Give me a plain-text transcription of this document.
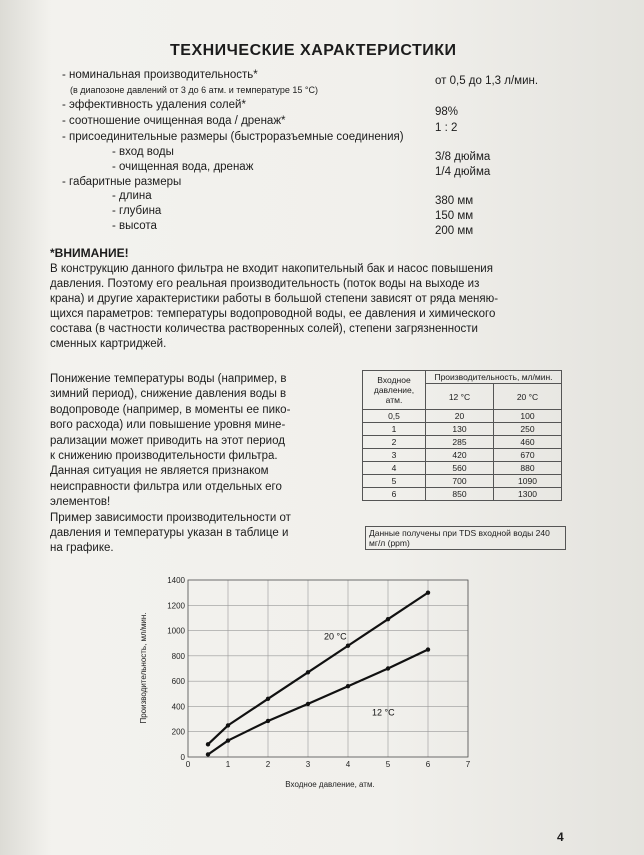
ТЕХНИЧЕСКИЕ ХАРАКТЕРИСТИКИ
- номинальная производительность*
(в диапозоне давлений от 3 до 6 атм. и температуре 15 °С)
от 0,5 до 1,3 л/мин.
- эффективность удаления солей*
98%
- соотношение очищенная вода / дренаж*
1 : 2
- присоединительные размеры (быстроразъемные соединения)
- вход воды	3/8 дюйма
- очищенная вода, дренаж	1/4 дюйма
- габаритные размеры
- длина	380 мм
- глубина	150 мм
- высота	200 мм
*ВНИМАНИЕ!
В конструкцию данного фильтра не входит накопительный бак и насос повышения
давления. Поэтому его реальная производительность (поток воды на выходе из
крана) и другие характеристики работы в большой степени зависят от ряда меняю-
щихся параметров: температуры водопроводной воды, ее давления и химического
состава (в частности количества растворенных солей), степени загрязненности
сменных картриджей.
Понижение температуры воды (например, в
зимний период), снижение давления воды в
водопроводе (например, в моменты ее пико-
вого расхода) или повышение уровня мине-
рализации может приводить на этот период
к снижению производительности фильтра.
Данная ситуация не является признаком
неисправности фильтра или отдельных его
элементов!
Пример зависимости производительности от
давления и температуры указан в таблице и
на графике.
Входное давление, атм.	Производительность, мл/мин.	
	12 °С	20 °С
0,5	20	100
1	130	250
2	285	460
3	420	670
4	560	880
5	700	1090
6	850	1300
Данные получены при TDS входной воды 240 мг/л (ppm)
0	1	2	3	4	5	6	7
0
200
400
600
800
1000
1200
1400
20 °С
12 °С
Производительность, мл/мин.
Входное давление, атм.
4
